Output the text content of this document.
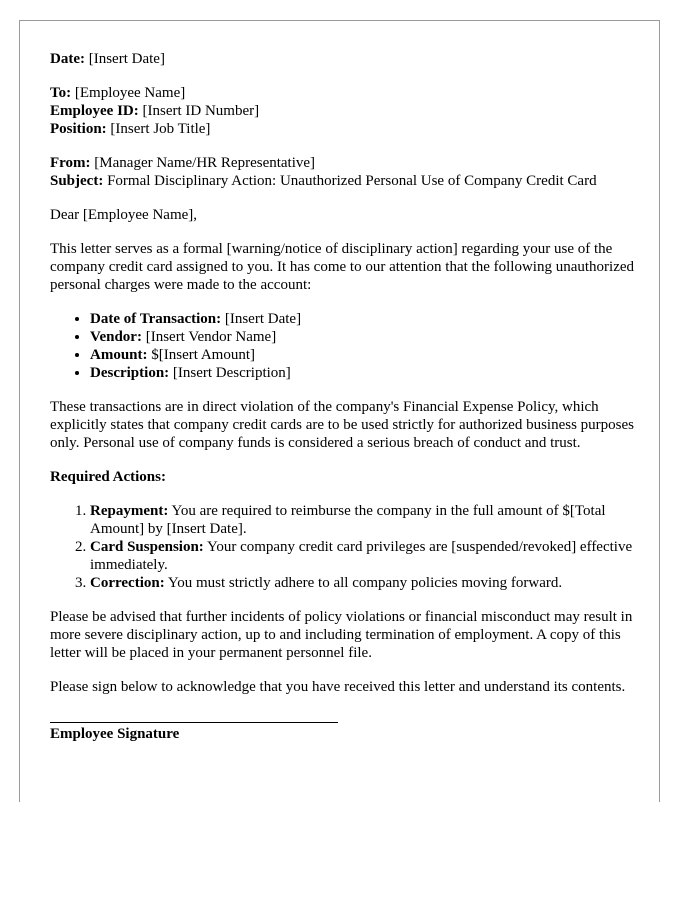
Date: [Insert Date]

To: [Employee Name]

Employee ID: [Insert ID Number]

Position: [Insert Job Title]

From: [Manager Name/HR Representative]

Subject: Formal Disciplinary Action: Unauthorized Personal Use of Company Credit Card

Dear [Employee Name],

This letter serves as a formal [warning/notice of disciplinary action] regarding your use of the company credit card assigned to you. It has come to our attention that the following unauthorized personal charges were made to the account:

• Date of Transaction: [Insert Date]
• Vendor: [Insert Vendor Name]
• Amount: $[Insert Amount]
• Description: [Insert Description]

These transactions are in direct violation of the company's Financial Expense Policy, which explicitly states that company credit cards are to be used strictly for authorized business purposes only. Personal use of company funds is considered a serious breach of conduct and trust.

Required Actions:

1. Repayment: You are required to reimburse the company in the full amount of $[Total Amount] by [Insert Date].
2. Card Suspension: Your company credit card privileges are [suspended/revoked] effective immediately.
3. Correction: You must strictly adhere to all company policies moving forward.

Please be advised that further incidents of policy violations or financial misconduct may result in more severe disciplinary action, up to and including termination of employment. A copy of this letter will be placed in your permanent personnel file.

Please sign below to acknowledge that you have received this letter and understand its contents.

Employee Signature
